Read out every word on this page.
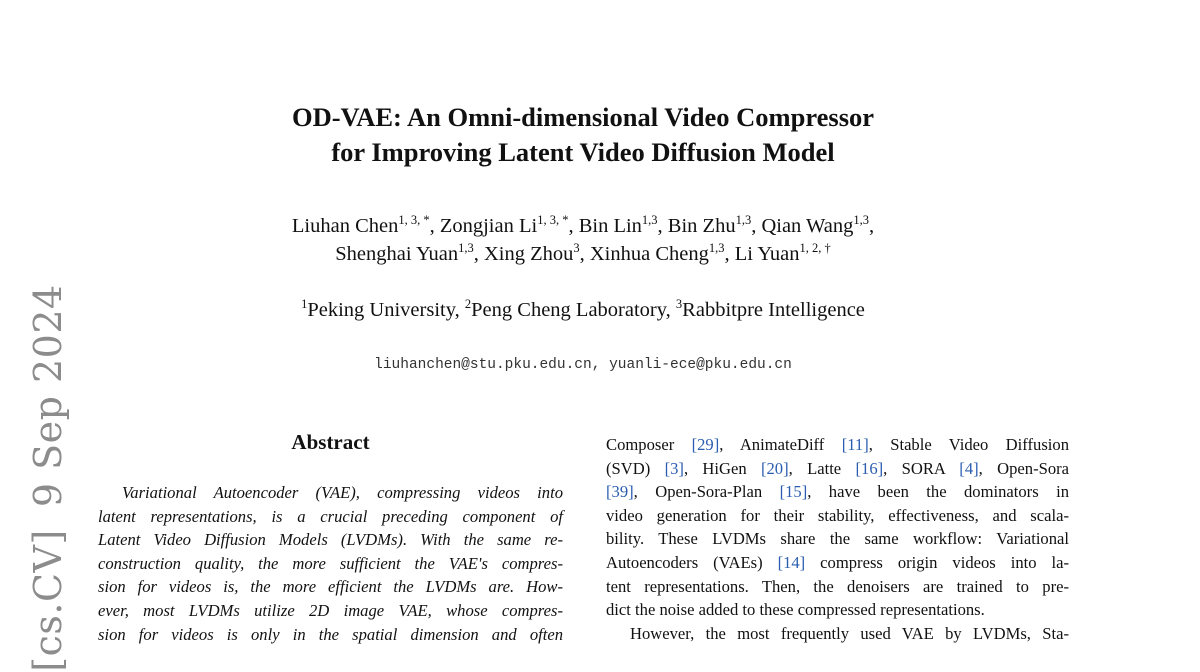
[cs.CV]9 Sep 2024
OD-VAE: An Omni-dimensional Video Compressor
for Improving Latent Video Diffusion Model
Liuhan Chen$^{1, 3, *}$, Zongjian $Li^{1, 3, *}$, Bin Lin$^{1,3}$, Bin Zhu$^{1,3}$, Qian Wang$^{1,3}$,
Shenghai Yuan$^{1,3}$, Xing Zhou$^3$, Xinhua Cheng$^{1,3}$, Li Yuan$^{1, 2, \dagger}$
$^1$Peking University, $^2$Peng Cheng Laboratory, $^3$Rabbitpre Intelligence
liuhanchen@stu.pku.edu.cn, yuanli-ece@pku.edu.cn
Abstract
Variational Autoencoder (VAE), compressing videos into
latent representations, is a crucial preceding component of
Latent Video Diffusion Models (LVDMs). With the same re-
construction quality, the more sufficient the VAE's compres-
sion for videos is, the more efficient the LVDMs are. How-
ever, most LVDMs utilize 2D image VAE, whose compres-
sion for videos is only in the spatial dimension and often
Composer [29], AnimateDiff [11], Stable Video Diffusion
(SVD) [3], HiGen [20], Latte [16], SORA [4], Open-Sora
[39], Open-Sora-Plan [15], have been the dominators in
video generation for their stability, effectiveness, and scala-
bility. These LVDMs share the same workflow: Variational
Autoencoders (VAEs) [14] compress origin videos into la-
tent representations. Then, the denoisers are trained to pre-
dict the noise added to these compressed representations.
However, the most frequently used VAE by LVDMs, Sta-
